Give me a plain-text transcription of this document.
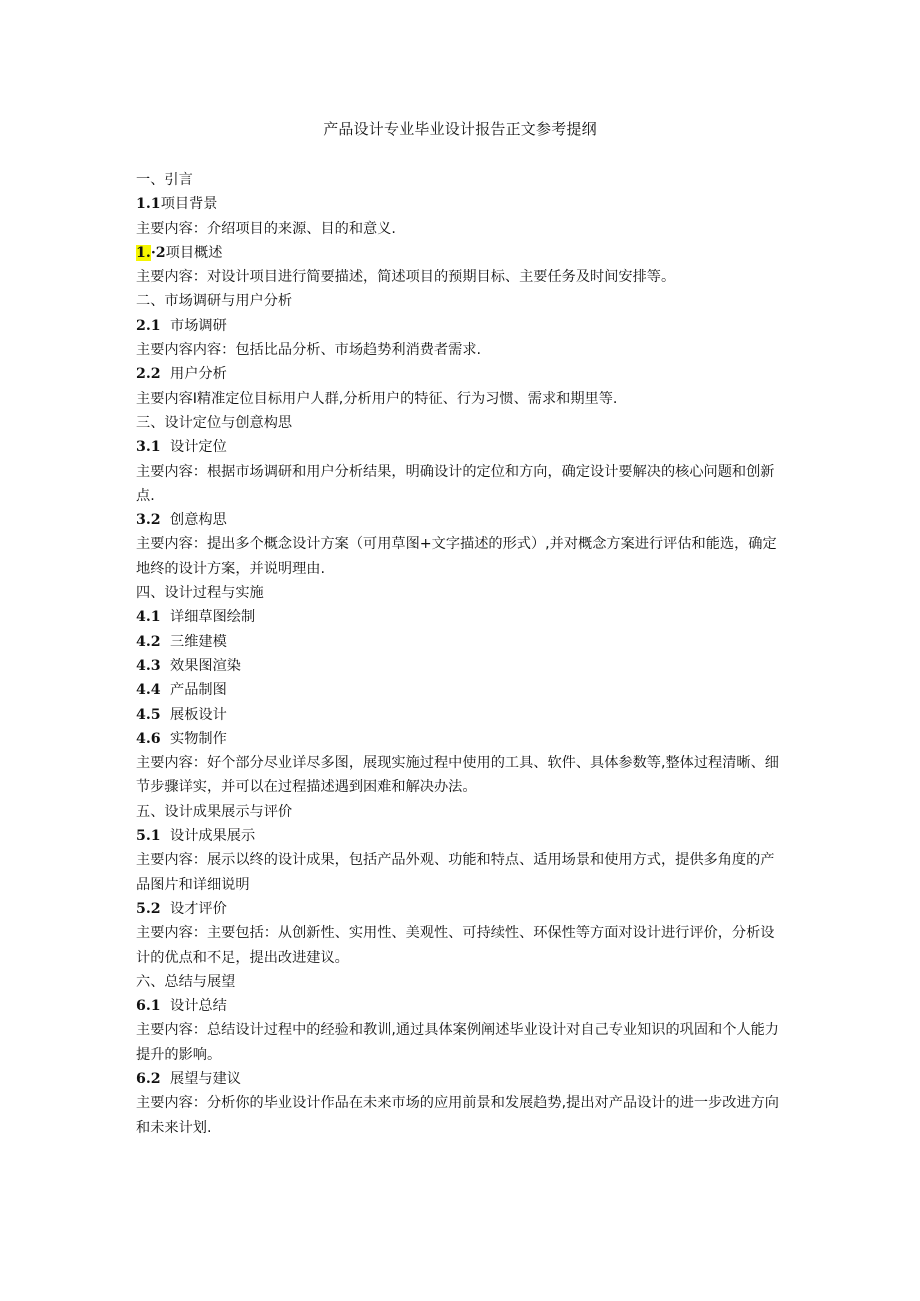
产品设计专业毕业设计报告正文参考提纲
一、引言
1.1项目背景
主要内容：介绍项目的来源、目的和意义.
1.·2项目概述
主要内容：对设计项目进行简要描述，简述项目的预期目标、主要任务及时间安排等。
二、市场调研与用户分析
2.1 市场调研
主要内容内容：包括比品分析、市场趋势利消费者需求.
2.2 用户分析
主要内容I精准定位目标用户人群,分析用户的特征、行为习惯、需求和期里等.
三、设计定位与创意构思
3.1 设计定位
主要内容：根据市场调研和用户分析结果，明确设计的定位和方向，确定设计要解决的核心问题和创新点.
3.2 创意构思
主要内容：提出多个概念设计方案（可用草图+文字描述的形式）,并对概念方案进行评估和能选，确定地终的设计方案，并说明理由.
四、设计过程与实施
4.1 详细草图绘制
4.2 三维建模
4.3 效果图渲染
4.4 产品制图
4.5 展板设计
4.6 实物制作
主要内容：好个部分尽业详尽多图，展现实施过程中使用的工具、软件、具体参数等,整体过程清晰、细节步骤详实，并可以在过程描述遇到困难和解决办法。
五、设计成果展示与评价
5.1 设计成果展示
主要内容：展示以终的设计成果，包括产品外观、功能和特点、适用场景和使用方式，提供多角度的产品图片和详细说明
5.2 设才评价
主要内容：主要包括：从创新性、实用性、美观性、可持续性、环保性等方面对设计进行评价，分析设计的优点和不足，提出改进建议。
六、总结与展望
6.1 设计总结
主要内容：总结设计过程中的经验和教训,通过具体案例阐述毕业设计对自己专业知识的巩固和个人能力提升的影响。
6.2 展望与建议
主要内容：分析你的毕业设计作品在未来市场的应用前景和发展趋势,提出对产品设计的进一步改进方向和未来计划.
